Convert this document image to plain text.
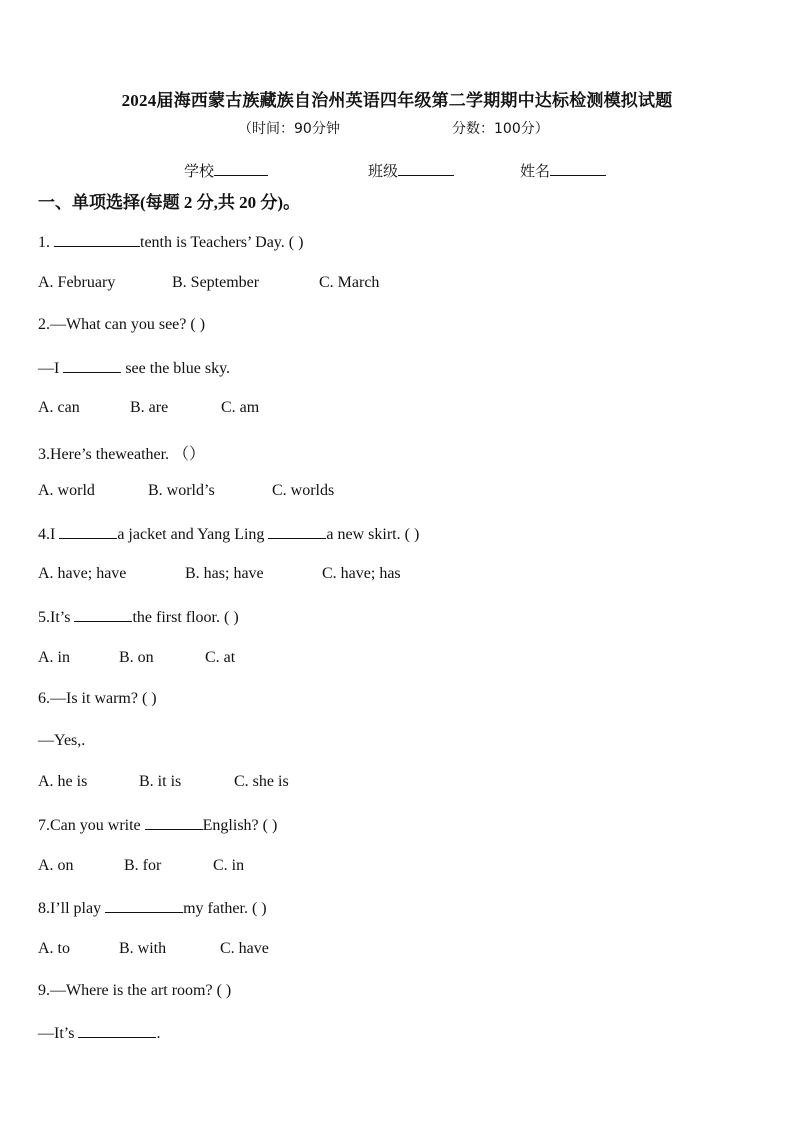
2024届海西蒙古族藏族自治州英语四年级第二学期期中达标检测模拟试题
（时间：90分钟	分数：100分）
学校	班级	姓名
一、单项选择(每题 2 分,共 20 分)。
1.	tenth is Teachers’ Day. ( )
A. February	B. September	C. March
2.—What can you see? ( )
—I	see the blue sky.
A. can	B. are	C. am
3.Here’s theweather. （）
A. world	B. world’s	C. worlds
4.I	a jacket and Yang Ling	a new skirt. ( )
A. have; have	B. has; have	C. have; has
5.It’s	the first floor. ( )
A. in	B. on	C. at
6.—Is it warm? ( )
—Yes,.
A. he is	B. it is	C. she is
7.Can you write	English? ( )
A. on	B. for	C. in
8.I’ll play	my father. ( )
A. to	B. with	C. have
9.—Where is the art room? ( )
—It’s	.
